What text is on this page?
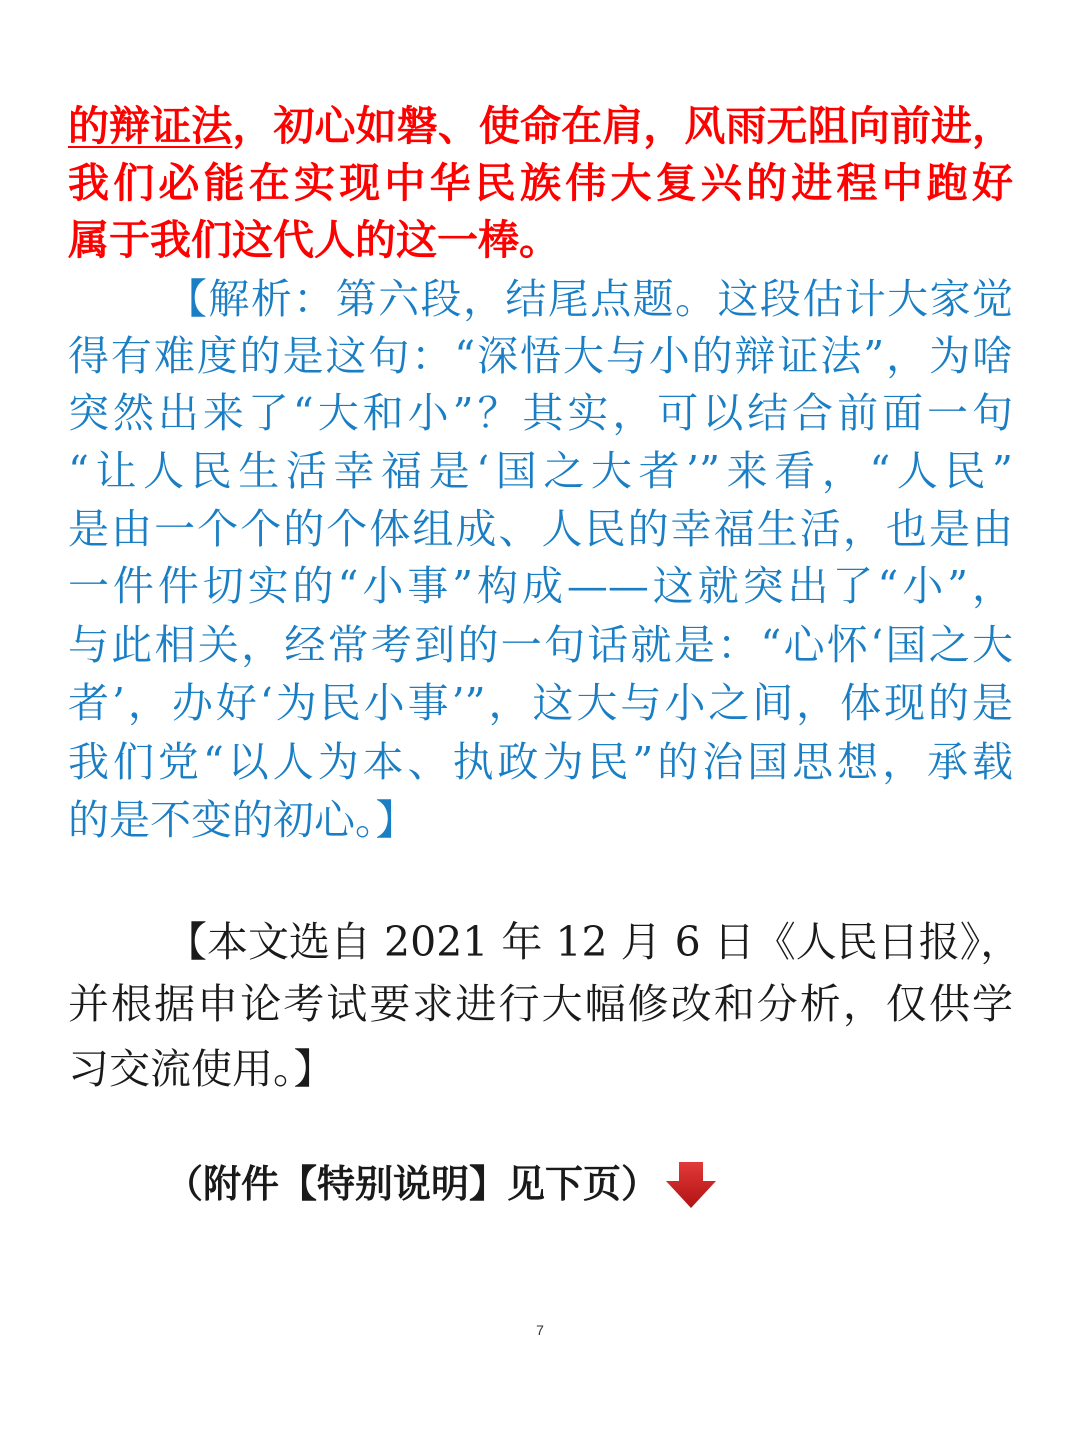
的辩证法，初心如磐、使命在肩，风雨无阻向前进，
我们必能在实现中华民族伟大复兴的进程中跑好
属于我们这代人的这一棒。
【解析：第六段，结尾点题。这段估计大家觉
得有难度的是这句：“深悟大与小的辩证法”，为啥
突然出来了“大和小”？其实，可以结合前面一句
“让人民生活幸福是‘国之大者’”来看，“人民”
是由一个个的个体组成、人民的幸福生活，也是由
一件件切实的“小事”构成——这就突出了“小”，
与此相关，经常考到的一句话就是：“心怀‘国之大
者’，办好‘为民小事’”，这大与小之间，体现的是
我们党“以人为本、执政为民”的治国思想，承载
的是不变的初心。】
【本文选自 2021 年 12 月 6 日《人民日报》，
并根据申论考试要求进行大幅修改和分析，仅供学
习交流使用。】
（附件【特别说明】见下页）
7
